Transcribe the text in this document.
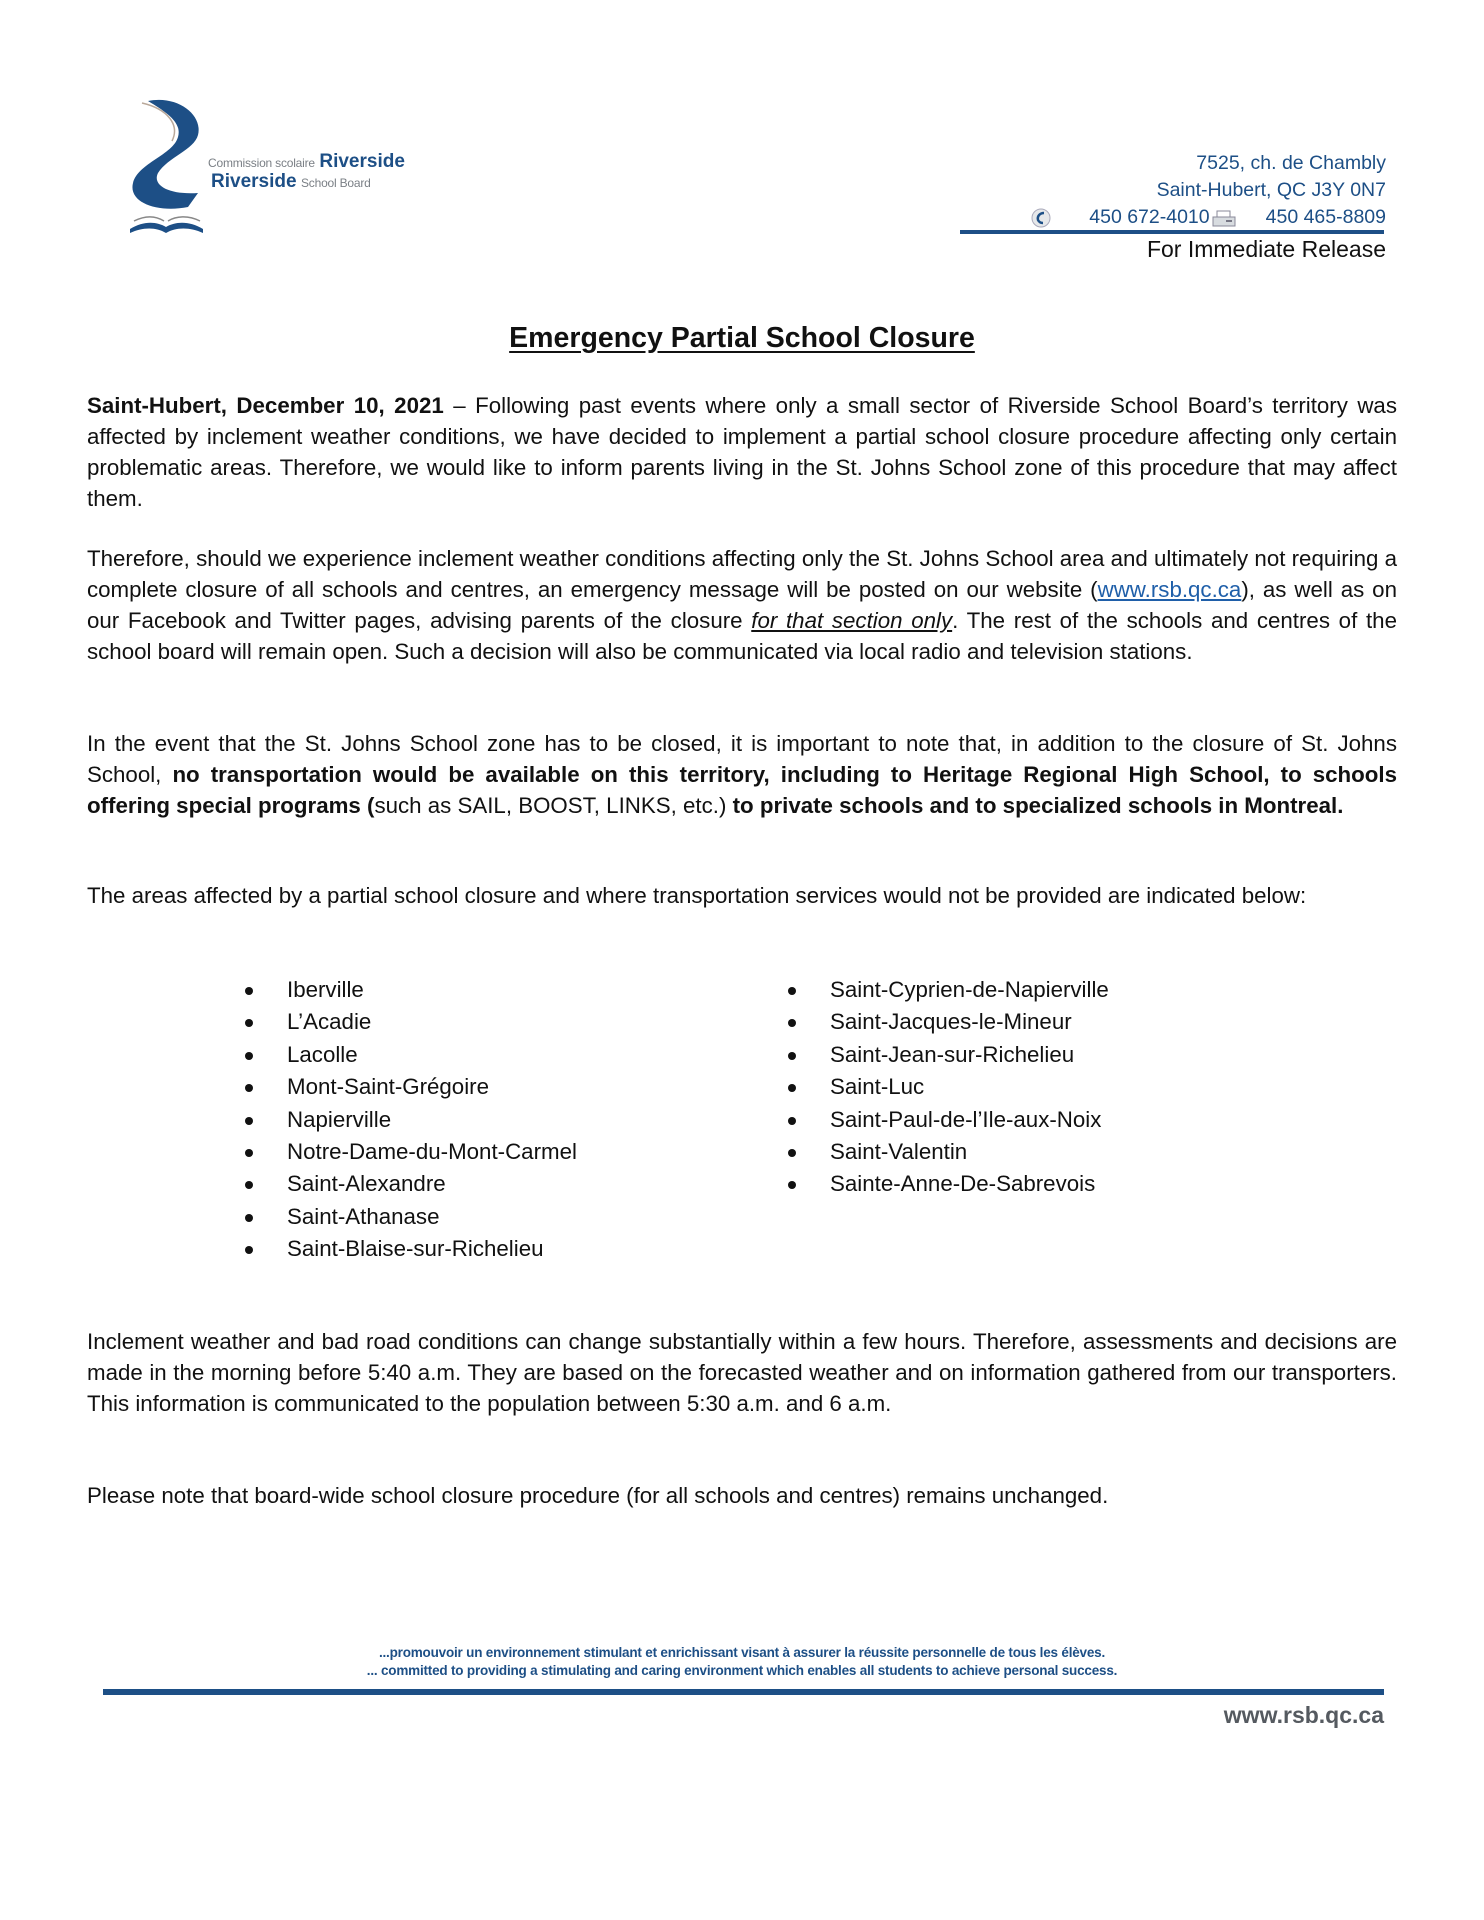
Commission scolaire Riverside
Riverside School Board
7525, ch. de Chambly
Saint-Hubert, QC J3Y 0N7
450 672-4010	450 465-8809
For Immediate Release
Emergency Partial School Closure
Saint-Hubert, December 10, 2021 – Following past events where only a small sector of Riverside School Board’s territory was affected by inclement weather conditions, we have decided to implement a partial school closure procedure affecting only certain problematic areas. Therefore, we would like to inform parents living in the St. Johns School zone of this procedure that may affect them.
Therefore, should we experience inclement weather conditions affecting only the St. Johns School area and ultimately not requiring a complete closure of all schools and centres, an emergency message will be posted on our website (www.rsb.qc.ca), as well as on our Facebook and Twitter pages, advising parents of the closure for that section only. The rest of the schools and centres of the school board will remain open. Such a decision will also be communicated via local radio and television stations.
In the event that the St. Johns School zone has to be closed, it is important to note that, in addition to the closure of St. Johns School, no transportation would be available on this territory, including to Heritage Regional High School, to schools offering special programs (such as SAIL, BOOST, LINKS, etc.) to private schools and to specialized schools in Montreal.
The areas affected by a partial school closure and where transportation services would not be provided are indicated below:
Iberville
L’Acadie
Lacolle
Mont-Saint-Grégoire
Napierville
Notre-Dame-du-Mont-Carmel
Saint-Alexandre
Saint-Athanase
Saint-Blaise-sur-Richelieu
Saint-Cyprien-de-Napierville
Saint-Jacques-le-Mineur
Saint-Jean-sur-Richelieu
Saint-Luc
Saint-Paul-de-l’Ile-aux-Noix
Saint-Valentin
Sainte-Anne-De-Sabrevois
Inclement weather and bad road conditions can change substantially within a few hours. Therefore, assessments and decisions are made in the morning before 5:40 a.m. They are based on the forecasted weather and on information gathered from our transporters. This information is communicated to the population between 5:30 a.m. and 6 a.m.
Please note that board-wide school closure procedure (for all schools and centres) remains unchanged.
...promouvoir un environnement stimulant et enrichissant visant à assurer la réussite personnelle de tous les élèves.
... committed to providing a stimulating and caring environment which enables all students to achieve personal success.
www.rsb.qc.ca
